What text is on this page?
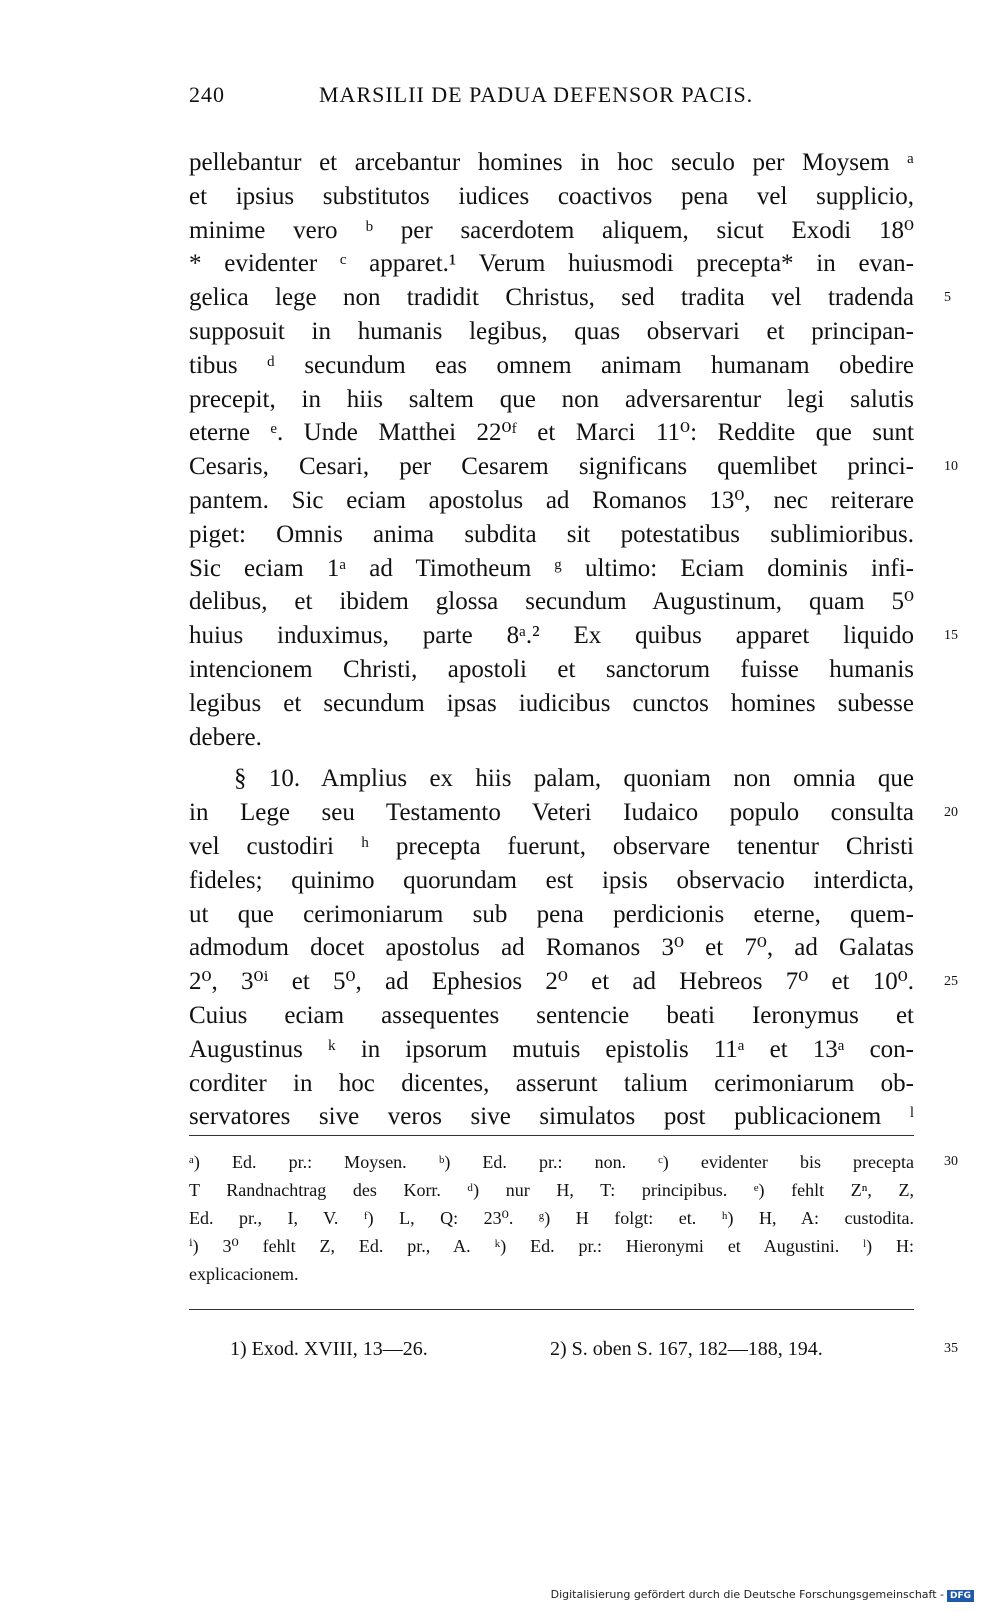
240	MARSILII DE PADUA DEFENSOR PACIS.
pellebantur et arcebantur homines in hoc seculo per Moysem ᵃ
et ipsius substitutos iudices coactivos pena vel supplicio,
minime vero ᵇ per sacerdotem aliquem, sicut Exodi 18⁰
* evidenter ᶜ apparet.¹ Verum huiusmodi precepta* in evan-
gelica lege non tradidit Christus, sed tradita vel tradenda 5
supposuit in humanis legibus, quas observari et principan-
tibus ᵈ secundum eas omnem animam humanam obedire
precepit, in hiis saltem que non adversarentur legi salutis
eterne ᵉ. Unde Matthei 22⁰ᶠ et Marci 11⁰: Reddite que sunt
Cesaris, Cesari, per Cesarem significans quemlibet princi- 10
pantem. Sic eciam apostolus ad Romanos 13⁰, nec reiterare
piget: Omnis anima subdita sit potestatibus sublimioribus.
Sic eciam 1ᵃ ad Timotheum ᵍ ultimo: Eciam dominis infi-
delibus, et ibidem glossa secundum Augustinum, quam 5⁰
huius induximus, parte 8ᵃ.² Ex quibus apparet liquido 15
intencionem Christi, apostoli et sanctorum fuisse humanis
legibus et secundum ipsas iudicibus cunctos homines subesse
debere.
§ 10. Amplius ex hiis palam, quoniam non omnia que
in Lege seu Testamento Veteri Iudaico populo consulta 20
vel custodiri ʰ precepta fuerunt, observare tenentur Christi
fideles; quinimo quorundam est ipsis observacio interdicta,
ut que cerimoniarum sub pena perdicionis eterne, quem-
admodum docet apostolus ad Romanos 3⁰ et 7⁰, ad Galatas
2⁰, 3⁰ⁱ et 5⁰, ad Ephesios 2⁰ et ad Hebreos 7⁰ et 10⁰. 25
Cuius eciam assequentes sentencie beati Ieronymus et
Augustinus ᵏ in ipsorum mutuis epistolis 11ᵃ et 13ᵃ con-
corditer in hoc dicentes, asserunt talium cerimoniarum ob-
servatores sive veros sive simulatos post publicacionem ˡ
ᵃ) Ed. pr.: Moysen. ᵇ) Ed. pr.: non. ᶜ) evidenter bis precepta 30
T Randnachtrag des Korr. ᵈ) nur H, T: principibus. ᵉ) fehlt Zⁿ, Z,
Ed. pr., I, V. ᶠ) L, Q: 23⁰. ᵍ) H folgt: et. ʰ) H, A: custodita.
ⁱ) 3⁰ fehlt Z, Ed. pr., A. ᵏ) Ed. pr.: Hieronymi et Augustini. ˡ) H:
explicacionem.
1) Exod. XVIII, 13—26.	2) S. oben S. 167, 182—188, 194.	35
Digitalisierung gefördert durch die Deutsche Forschungsgemeinschaft - DFG
